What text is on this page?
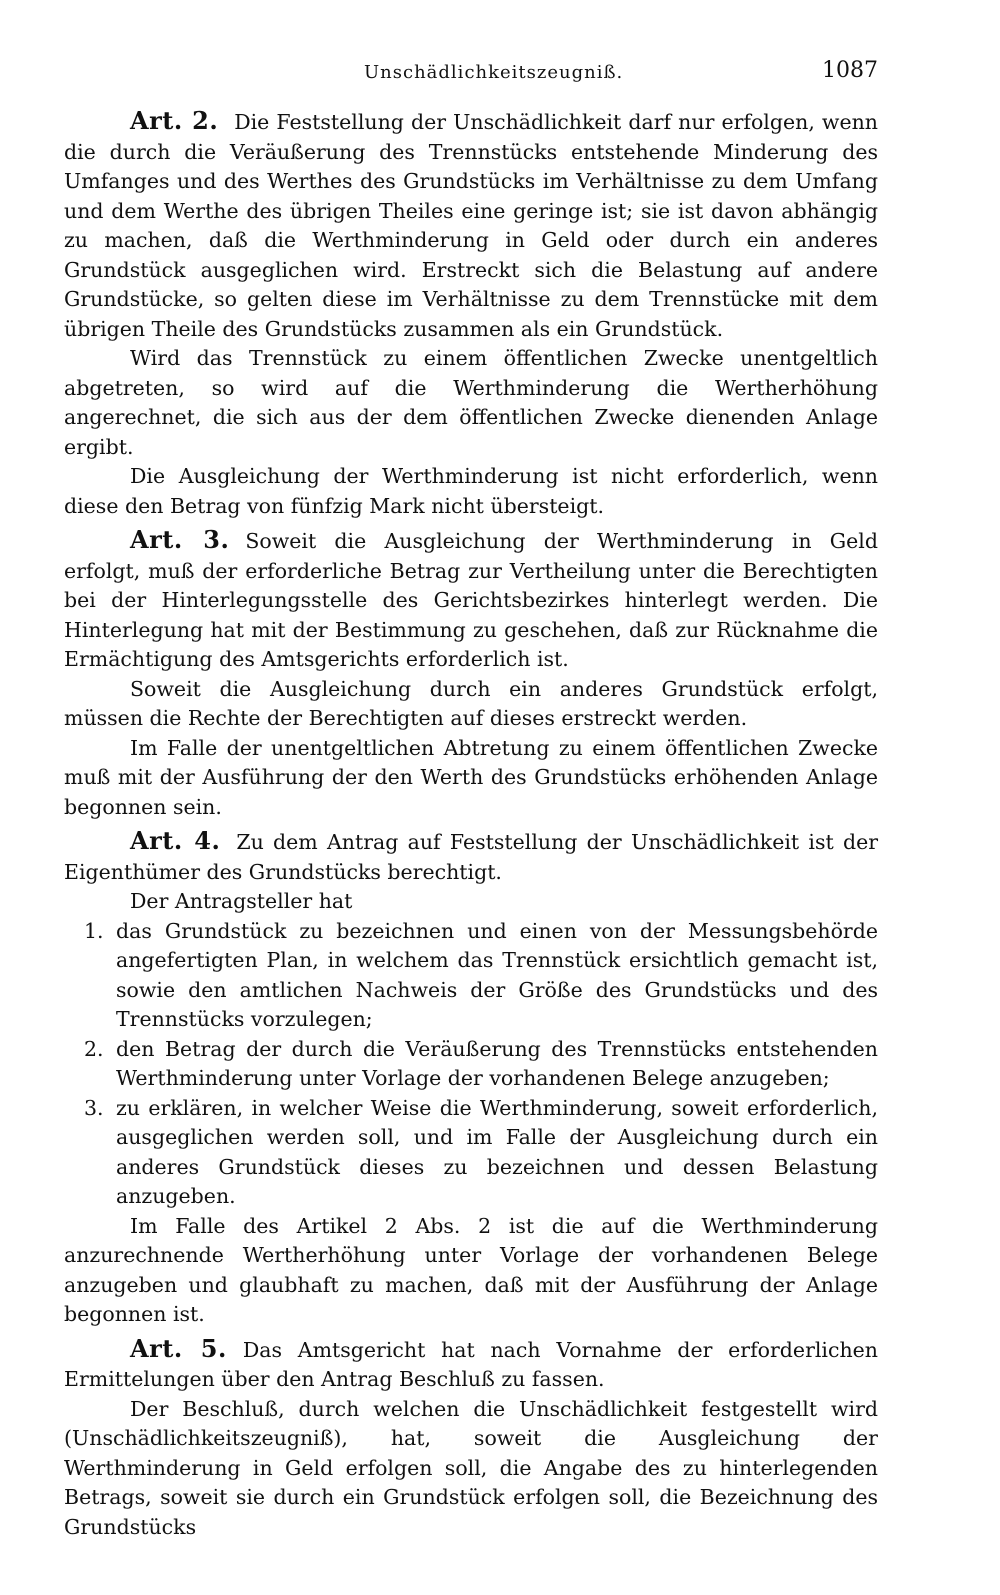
Unschädlichkeitszeugniß.	1087

Art. 2. Die Feststellung der Unschädlichkeit darf nur erfolgen, wenn die durch die Veräußerung des Trennstücks entstehende Minderung des Umfanges und des Werthes des Grundstücks im Verhältnisse zu dem Umfang und dem Werthe des übrigen Theiles eine geringe ist; sie ist davon abhängig zu machen, daß die Werthminderung in Geld oder durch ein anderes Grundstück ausgeglichen wird. Erstreckt sich die Belastung auf andere Grundstücke, so gelten diese im Verhältnisse zu dem Trennstücke mit dem übrigen Theile des Grundstücks zusammen als ein Grundstück.

Wird das Trennstück zu einem öffentlichen Zwecke unentgeltlich abgetreten, so wird auf die Werthminderung die Wertherhöhung angerechnet, die sich aus der dem öffentlichen Zwecke dienenden Anlage ergibt.

Die Ausgleichung der Werthminderung ist nicht erforderlich, wenn diese den Betrag von fünfzig Mark nicht übersteigt.

Art. 3. Soweit die Ausgleichung der Werthminderung in Geld erfolgt, muß der erforderliche Betrag zur Vertheilung unter die Berechtigten bei der Hinterlegungsstelle des Gerichtsbezirkes hinterlegt werden. Die Hinterlegung hat mit der Bestimmung zu geschehen, daß zur Rücknahme die Ermächtigung des Amtsgerichts erforderlich ist.

Soweit die Ausgleichung durch ein anderes Grundstück erfolgt, müssen die Rechte der Berechtigten auf dieses erstreckt werden.

Im Falle der unentgeltlichen Abtretung zu einem öffentlichen Zwecke muß mit der Ausführung der den Werth des Grundstücks erhöhenden Anlage begonnen sein.

Art. 4. Zu dem Antrag auf Feststellung der Unschädlichkeit ist der Eigenthümer des Grundstücks berechtigt.

Der Antragsteller hat

1. das Grundstück zu bezeichnen und einen von der Messungsbehörde angefertigten Plan, in welchem das Trennstück ersichtlich gemacht ist, sowie den amtlichen Nachweis der Größe des Grundstücks und des Trennstücks vorzulegen;
2. den Betrag der durch die Veräußerung des Trennstücks entstehenden Werthminderung unter Vorlage der vorhandenen Belege anzugeben;
3. zu erklären, in welcher Weise die Werthminderung, soweit erforderlich, ausgeglichen werden soll, und im Falle der Ausgleichung durch ein anderes Grundstück dieses zu bezeichnen und dessen Belastung anzugeben.

Im Falle des Artikel 2 Abs. 2 ist die auf die Werthminderung anzurechnende Wertherhöhung unter Vorlage der vorhandenen Belege anzugeben und glaubhaft zu machen, daß mit der Ausführung der Anlage begonnen ist.

Art. 5. Das Amtsgericht hat nach Vornahme der erforderlichen Ermittelungen über den Antrag Beschluß zu fassen.

Der Beschluß, durch welchen die Unschädlichkeit festgestellt wird (Unschädlichkeitszeugniß), hat, soweit die Ausgleichung der Werthminderung in Geld erfolgen soll, die Angabe des zu hinterlegenden Betrags, soweit sie durch ein Grundstück erfolgen soll, die Bezeichnung des Grundstücks
